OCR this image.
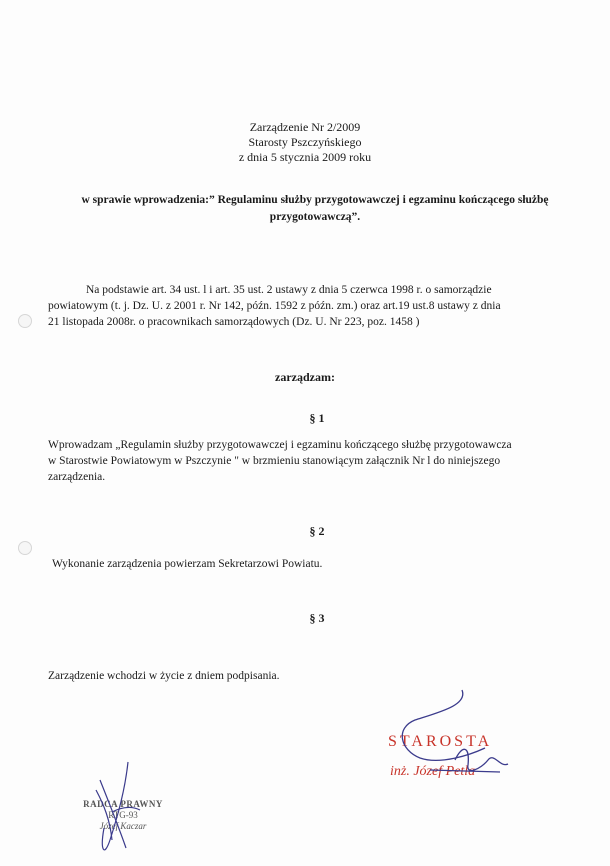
Zarządzenie Nr 2/2009
Starosty Pszczyńskiego
z dnia 5 stycznia 2009 roku
w sprawie wprowadzenia:” Regulaminu służby przygotowawczej i egzaminu kończącego służbę
przygotowawczą”.
Na podstawie art. 34 ust. l i art. 35 ust. 2 ustawy z dnia 5 czerwca 1998 r. o samorządzie
powiatowym (t. j. Dz. U. z 2001 r. Nr 142, późn. 1592 z późn. zm.) oraz art.19 ust.8 ustawy z dnia
21 listopada 2008r. o pracownikach samorządowych (Dz. U. Nr 223, poz. 1458 )
zarządzam:
§ 1
Wprowadzam „Regulamin służby przygotowawczej i egzaminu kończącego służbę przygotowawcza
w Starostwie Powiatowym w Pszczynie " w brzmieniu stanowiącym załącznik Nr l do niniejszego
zarządzenia.
§ 2
Wykonanie zarządzenia powierzam Sekretarzowi Powiatu.
§ 3
Zarządzenie wchodzi w życie z dniem podpisania.
STAROSTA
inż. Józef Petla
RADCA PRAWNY
RTG-93
Józef Kaczar
